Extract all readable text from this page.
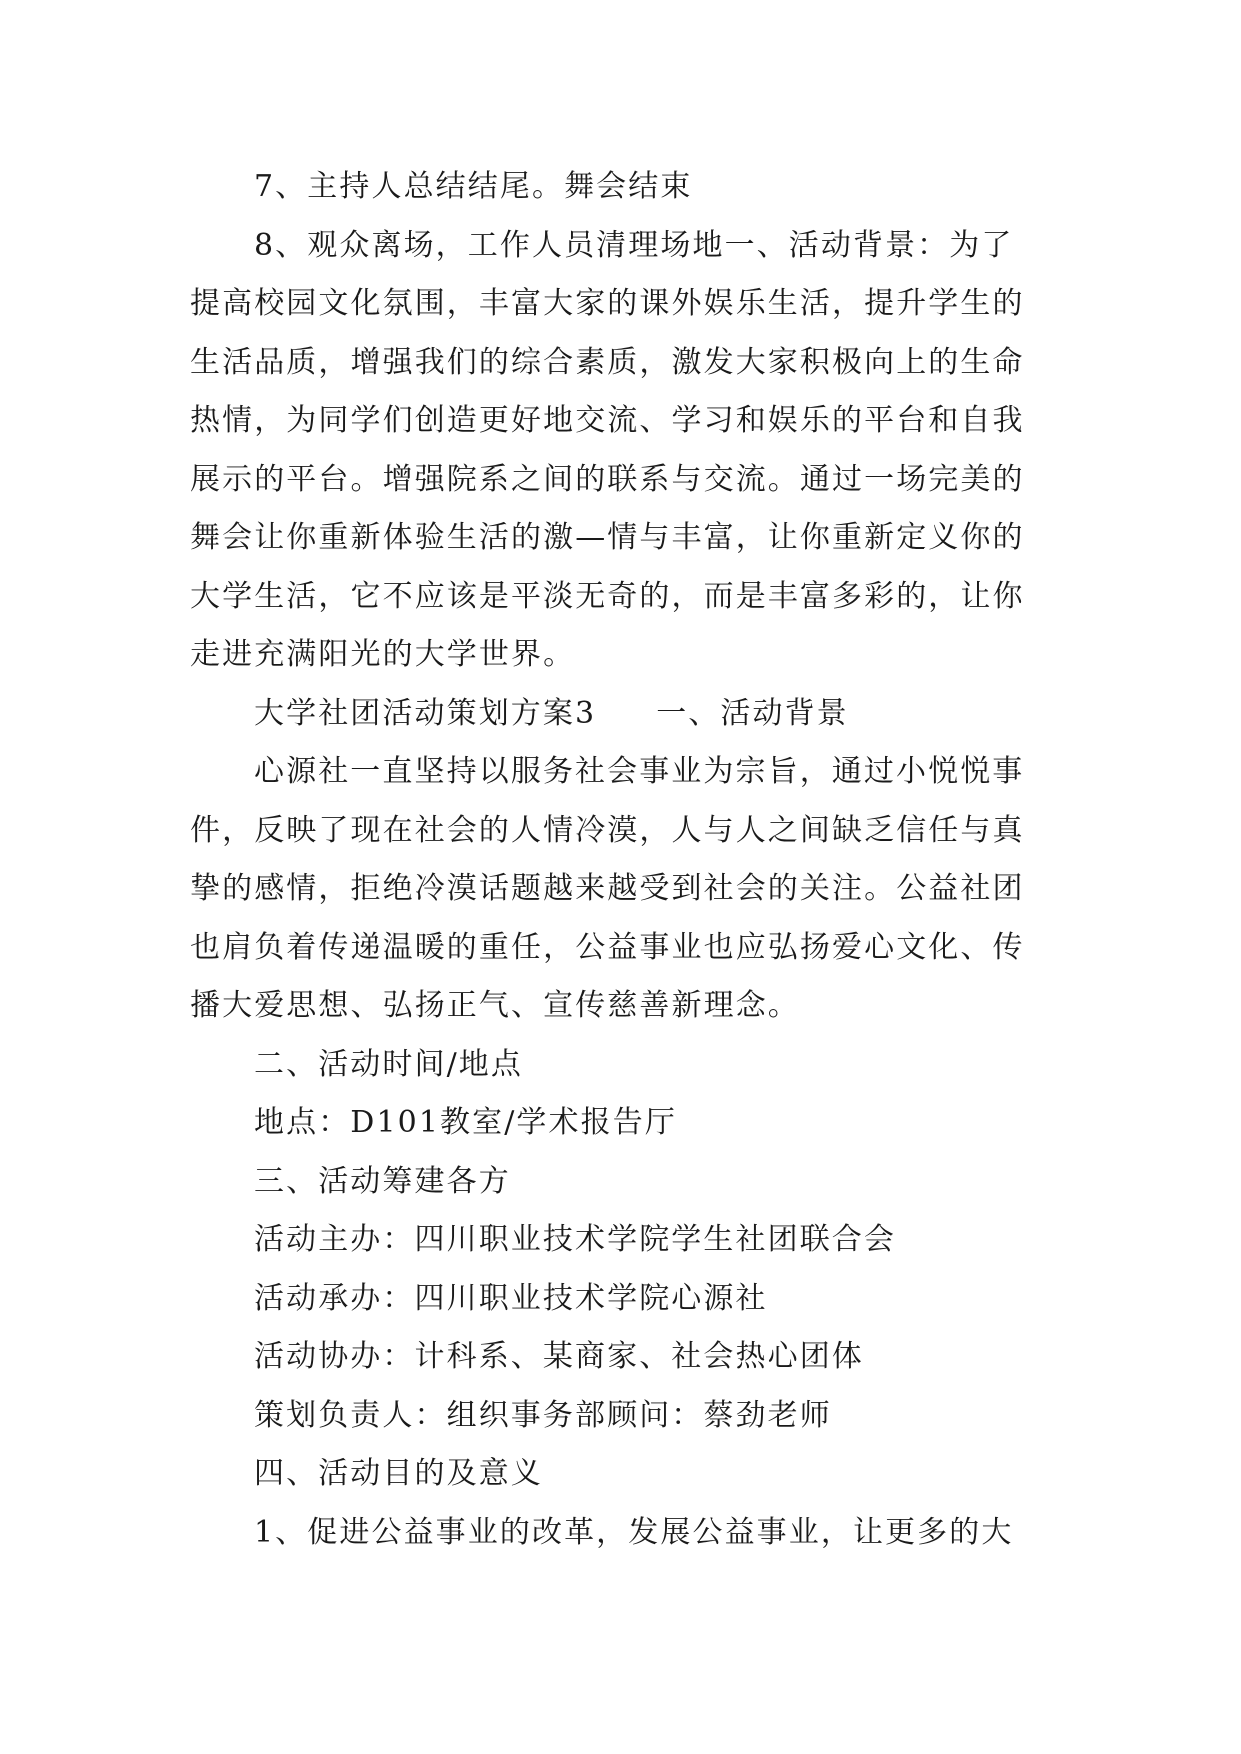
7、主持人总结结尾。舞会结束
8、观众离场，工作人员清理场地一、活动背景：为了
提高校园文化氛围，丰富大家的课外娱乐生活，提升学生的
生活品质，增强我们的综合素质，激发大家积极向上的生命
热情，为同学们创造更好地交流、学习和娱乐的平台和自我
展示的平台。增强院系之间的联系与交流。通过一场完美的
舞会让你重新体验生活的激—情与丰富，让你重新定义你的
大学生活，它不应该是平淡无奇的，而是丰富多彩的，让你
走进充满阳光的大学世界。
大学社团活动策划方案3 一、活动背景
心源社一直坚持以服务社会事业为宗旨，通过小悦悦事
件，反映了现在社会的人情冷漠，人与人之间缺乏信任与真
挚的感情，拒绝冷漠话题越来越受到社会的关注。公益社团
也肩负着传递温暖的重任，公益事业也应弘扬爱心文化、传
播大爱思想、弘扬正气、宣传慈善新理念。
二、活动时间/地点
地点：D101教室/学术报告厅
三、活动筹建各方
活动主办：四川职业技术学院学生社团联合会
活动承办：四川职业技术学院心源社
活动协办：计科系、某商家、社会热心团体
策划负责人：组织事务部顾问：蔡劲老师
四、活动目的及意义
1、促进公益事业的改革，发展公益事业，让更多的大
